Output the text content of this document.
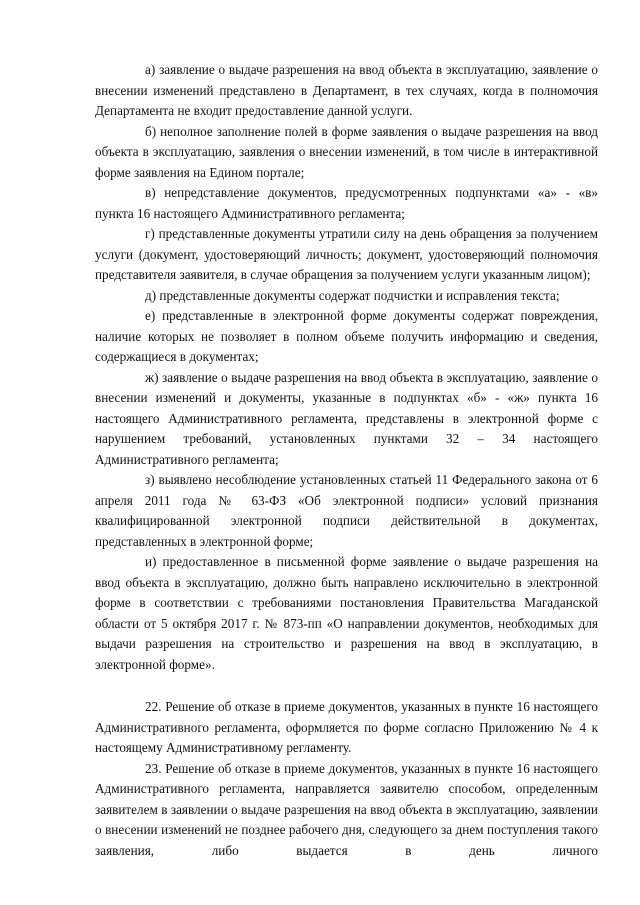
а) заявление о выдаче разрешения на ввод объекта в эксплуатацию, заявление о внесении изменений представлено в Департамент, в тех случаях, когда в полномочия Департамента не входит предоставление данной услуги.

б) неполное заполнение полей в форме заявления о выдаче разрешения на ввод объекта в эксплуатацию, заявления о внесении изменений, в том числе в интерактивной форме заявления на Едином портале;

в) непредставление документов, предусмотренных подпунктами «а» - «в» пункта 16 настоящего Административного регламента;

г) представленные документы утратили силу на день обращения за получением услуги (документ, удостоверяющий личность; документ, удостоверяющий полномочия представителя заявителя, в случае обращения за получением услуги указанным лицом);

д) представленные документы содержат подчистки и исправления текста;

е) представленные в электронной форме документы содержат повреждения, наличие которых не позволяет в полном объеме получить информацию и сведения, содержащиеся в документах;

ж) заявление о выдаче разрешения на ввод объекта в эксплуатацию, заявление о внесении изменений и документы, указанные в подпунктах «б» - «ж» пункта 16 настоящего Административного регламента, представлены в электронной форме с нарушением требований, установленных пунктами 32 – 34 настоящего Административного регламента;

з) выявлено несоблюдение установленных статьей 11 Федерального закона от 6 апреля 2011 года № 63-ФЗ «Об электронной подписи» условий признания квалифицированной электронной подписи действительной в документах, представленных в электронной форме;

и) предоставленное в письменной форме заявление о выдаче разрешения на ввод объекта в эксплуатацию, должно быть направлено исключительно в электронной форме в соответствии с требованиями постановления Правительства Магаданской области от 5 октября 2017 г. № 873-пп «О направлении документов, необходимых для выдачи разрешения на строительство и разрешения на ввод в эксплуатацию, в электронной форме».

22. Решение об отказе в приеме документов, указанных в пункте 16 настоящего Административного регламента, оформляется по форме согласно Приложению № 4 к настоящему Административному регламенту.

23. Решение об отказе в приеме документов, указанных в пункте 16 настоящего Административного регламента, направляется заявителю способом, определенным заявителем в заявлении о выдаче разрешения на ввод объекта в эксплуатацию, заявлении о внесении изменений не позднее рабочего дня, следующего за днем поступления такого заявления, либо выдается в день личного
